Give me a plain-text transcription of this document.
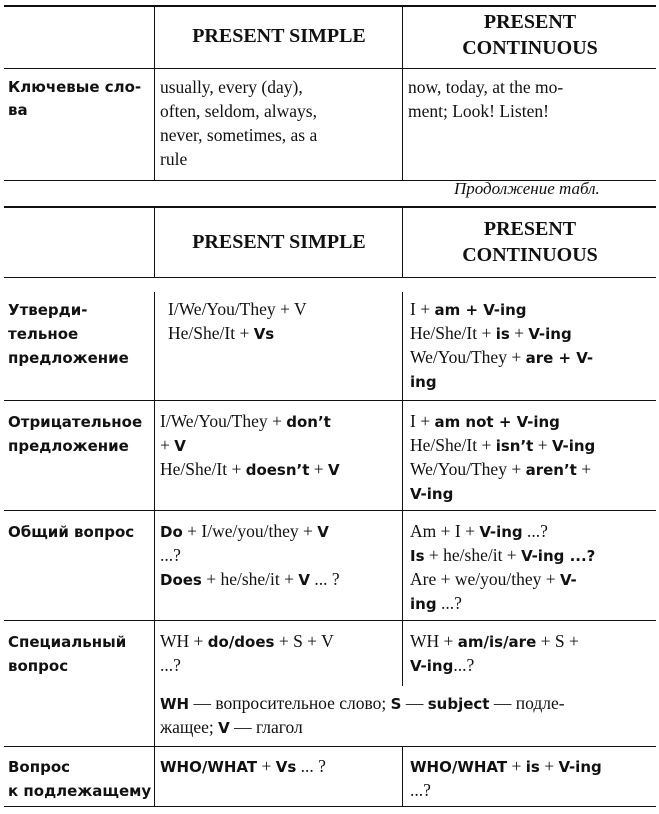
PRESENT SIMPLE
PRESENT
CONTINUOUS
Ключевые сло-
ва
usually, every (day),
often, seldom, always,
never, sometimes, as a
rule
now, today, at the mo-
ment; Look! Listen!
Продолжение табл.
PRESENT SIMPLE
PRESENT
CONTINUOUS
Утверди-
тельное
предложение
I/We/You/They + V
He/She/It + Vs
I + am + V-ing
He/She/It + is + V-ing
We/You/They + are + V-
ing
Отрицательное
предложение
I/We/You/They + don’t
+ V
He/She/It + doesn’t + V
I + am not + V-ing
He/She/It + isn’t + V-ing
We/You/They + aren’t +
V-ing
Общий вопрос Do + I/we/you/they + V
...?
Does + he/she/it + V ... ?
Am + I + V-ing ...?
Is + he/she/it + V-ing ...?
Are + we/you/they + V-
ing ...?
Специальный
вопрос
WH + do/does + S + V
...?
WH + am/is/are + S +
V-ing...?
WH — вопросительное слово; S — subject — подле-
жащее; V — глагол
Вопрос
к подлежащему
WHO/WHAT + Vs ... ?	WHO/WHAT + is + V-ing
...?
